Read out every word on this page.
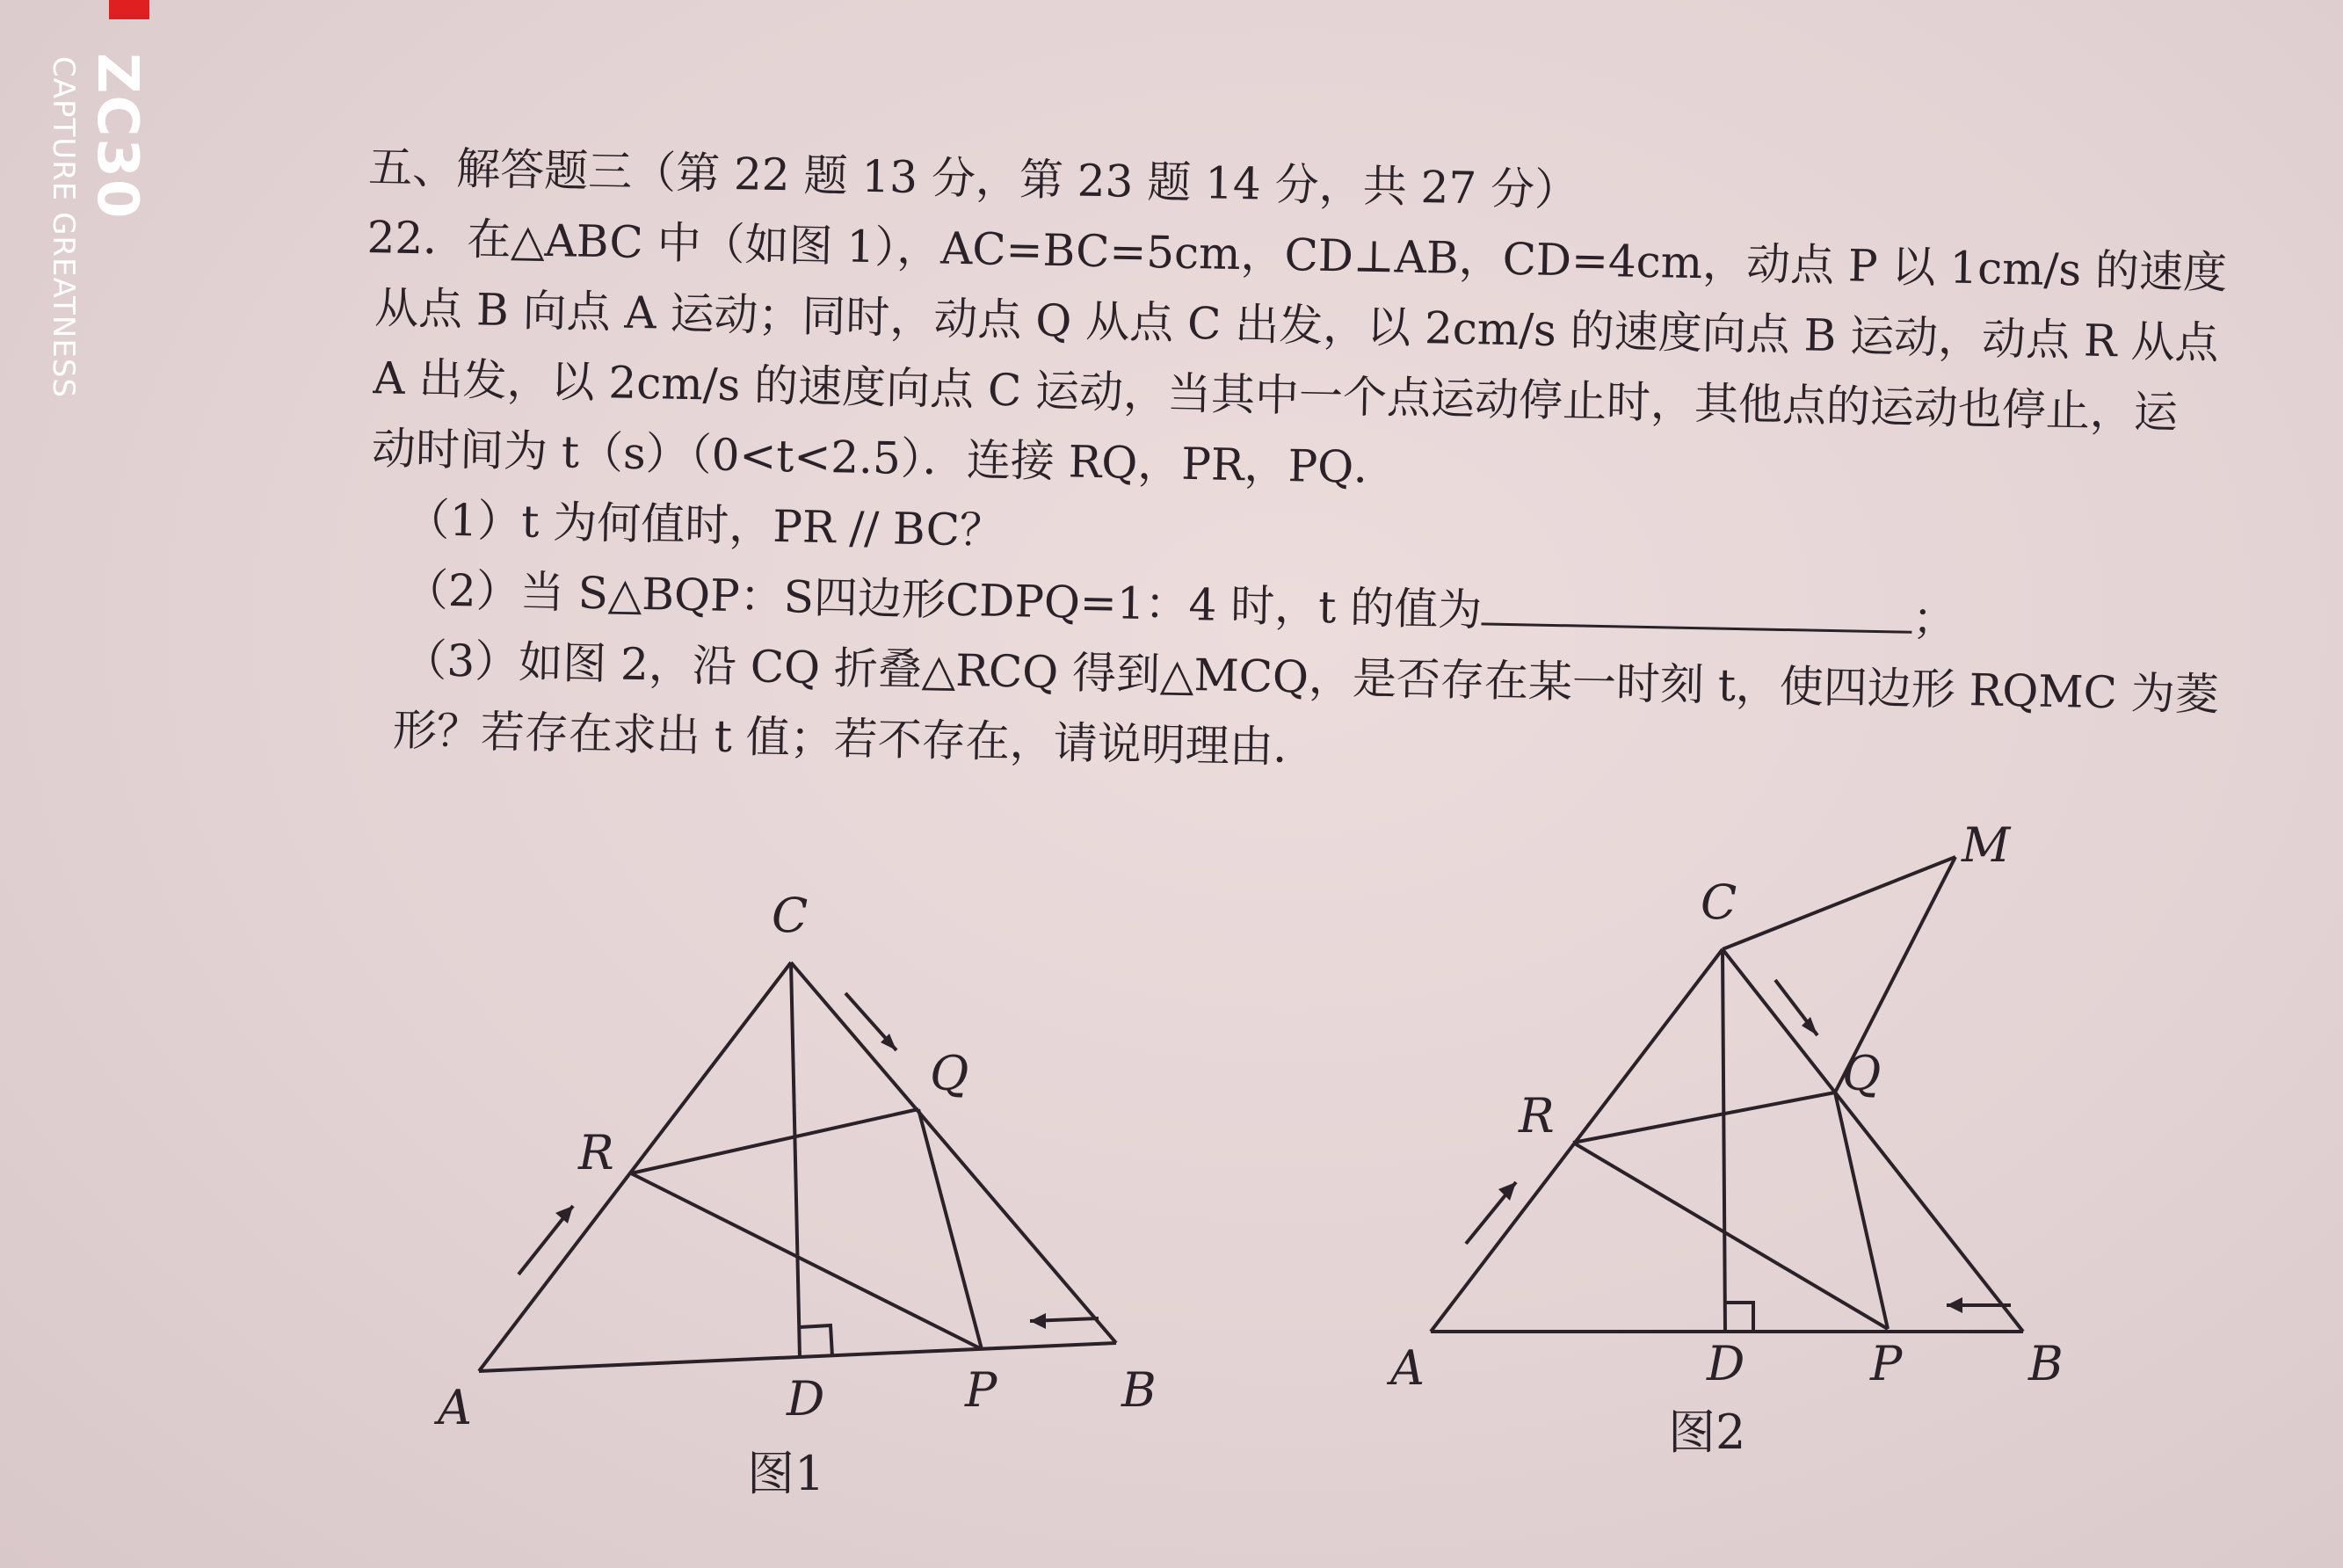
ZC30
CAPTURE GREATNESS	五、解答题三（第 22 题 13 分，第 23 题 14 分，共 27 分）
22．在△ABC 中（如图 1），AC=BC=5cm，CD⊥AB，CD=4cm，动点 P 以 1cm/s 的速度
从点 B 向点 A 运动；同时，动点 Q 从点 C 出发，以 2cm/s 的速度向点 B 运动，动点 R 从点
A 出发，以 2cm/s 的速度向点 C 运动，当其中一个点运动停止时，其他点的运动也停止，运
动时间为 t（s）（0<t<2.5）．连接 RQ，PR，PQ．
（1）t 为何值时，PR // BC？
（2）当 S△BQP：S四边形CDPQ=1：4 时，t 的值为	；
（3）如图 2，沿 CQ 折叠△RCQ 得到△MCQ，是否存在某一时刻 t，使四边形 RQMC 为菱
形？若存在求出 t 值；若不存在，请说明理由．
C
Q
R
A	D	P	B
图1
M
C
Q
R
A	D	P	B
图2
